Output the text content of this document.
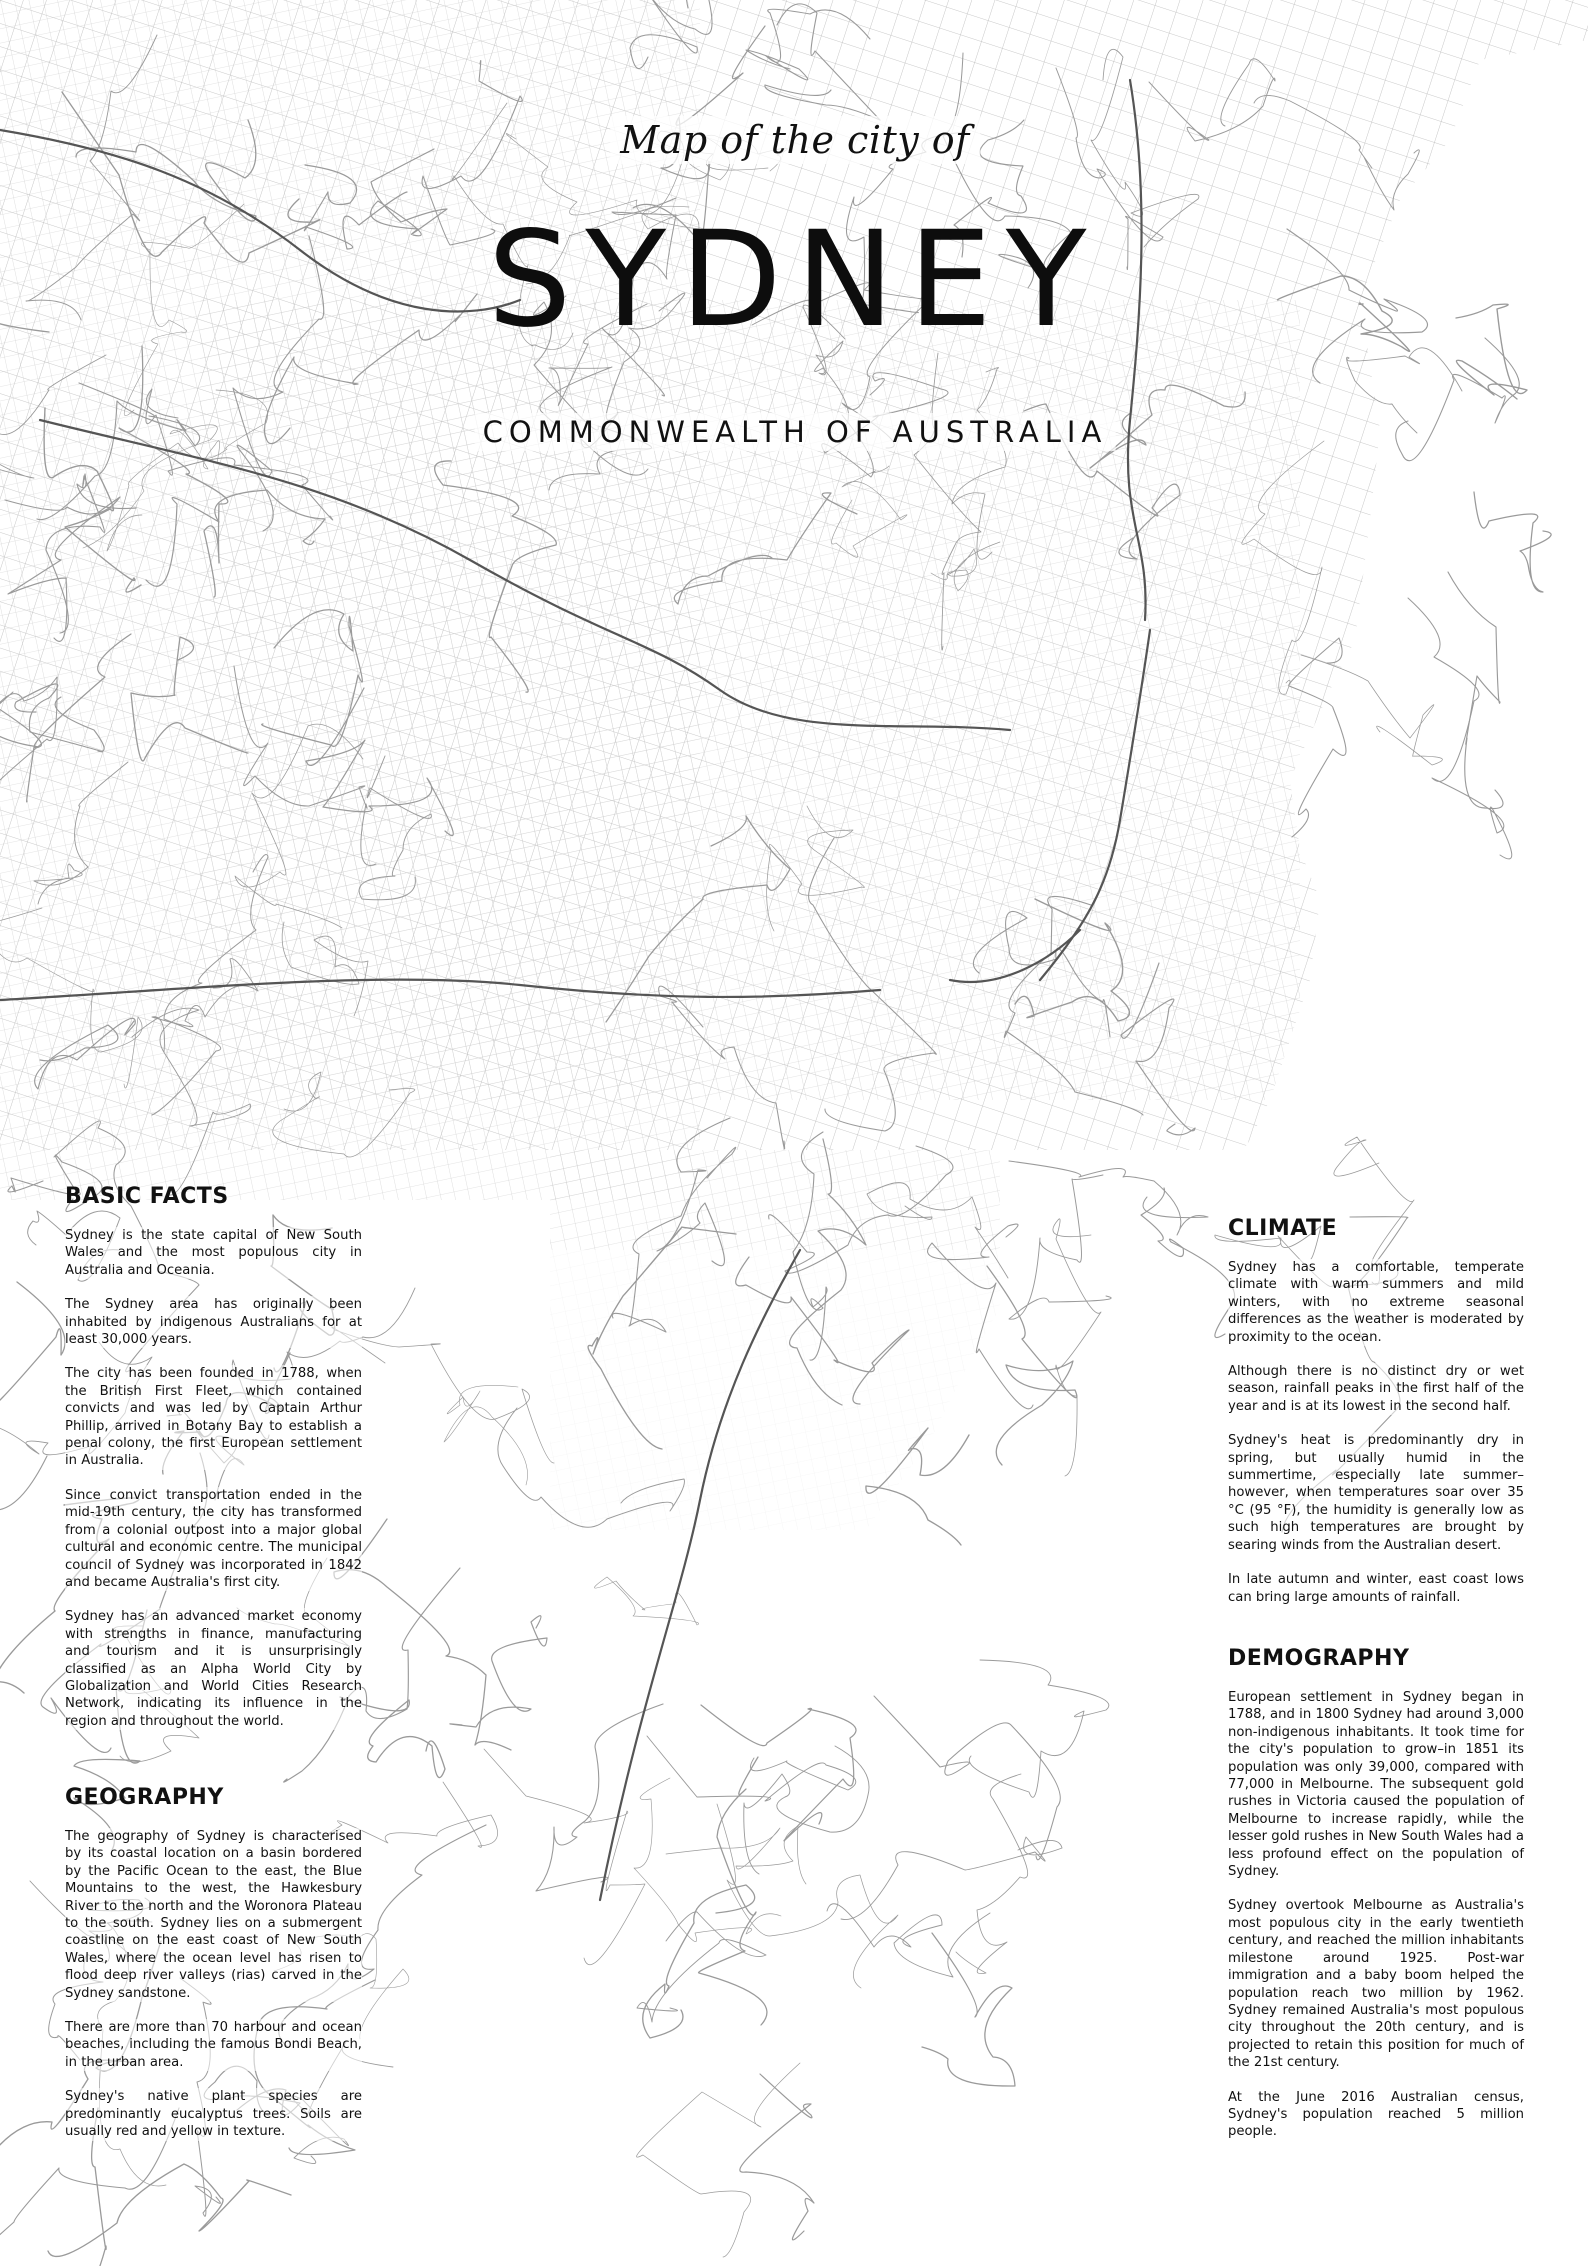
Map of the city of
SYDNEY
COMMONWEALTH OF AUSTRALIA
BASIC FACTS

Sydney is the state capital of New South Wales and the most populous city in Australia and Oceania.

The Sydney area has originally been inhabited by indigenous Australians for at least 30,000 years.

The city has been founded in 1788, when the British First Fleet, which contained convicts and was led by Captain Arthur Phillip, arrived in Botany Bay to establish a penal colony, the first European settlement in Australia.

Since convict transportation ended in the mid-19th century, the city has transformed from a colonial outpost into a major global cultural and economic centre. The municipal council of Sydney was incorporated in 1842 and became Australia's first city.

Sydney has an advanced market economy with strengths in finance, manufacturing and tourism and it is unsurprisingly classified as an Alpha World City by Globalization and World Cities Research Network, indicating its influence in the region and throughout the world.

GEOGRAPHY

The geography of Sydney is characterised by its coastal location on a basin bordered by the Pacific Ocean to the east, the Blue Mountains to the west, the Hawkesbury River to the north and the Woronora Plateau to the south. Sydney lies on a submergent coastline on the east coast of New South Wales, where the ocean level has risen to flood deep river valleys (rias) carved in the Sydney sandstone.

There are more than 70 harbour and ocean beaches, including the famous Bondi Beach, in the urban area.

Sydney's native plant species are predominantly eucalyptus trees. Soils are usually red and yellow in texture.

CLIMATE

Sydney has a comfortable, temperate climate with warm summers and mild winters, with no extreme seasonal differences as the weather is moderated by proximity to the ocean.

Although there is no distinct dry or wet season, rainfall peaks in the first half of the year and is at its lowest in the second half.

Sydney's heat is predominantly dry in spring, but usually humid in the summertime, especially late summer– however, when temperatures soar over 35 °C (95 °F), the humidity is generally low as such high temperatures are brought by searing winds from the Australian desert.

In late autumn and winter, east coast lows can bring large amounts of rainfall.

DEMOGRAPHY

European settlement in Sydney began in 1788, and in 1800 Sydney had around 3,000 non-indigenous inhabitants. It took time for the city's population to grow–in 1851 its population was only 39,000, compared with 77,000 in Melbourne. The subsequent gold rushes in Victoria caused the population of Melbourne to increase rapidly, while the lesser gold rushes in New South Wales had a less profound effect on the population of Sydney.

Sydney overtook Melbourne as Australia's most populous city in the early twentieth century, and reached the million inhabitants milestone around 1925. Post-war immigration and a baby boom helped the population reach two million by 1962. Sydney remained Australia's most populous city throughout the 20th century, and is projected to retain this position for much of the 21st century.

At the June 2016 Australian census, Sydney's population reached 5 million people.
